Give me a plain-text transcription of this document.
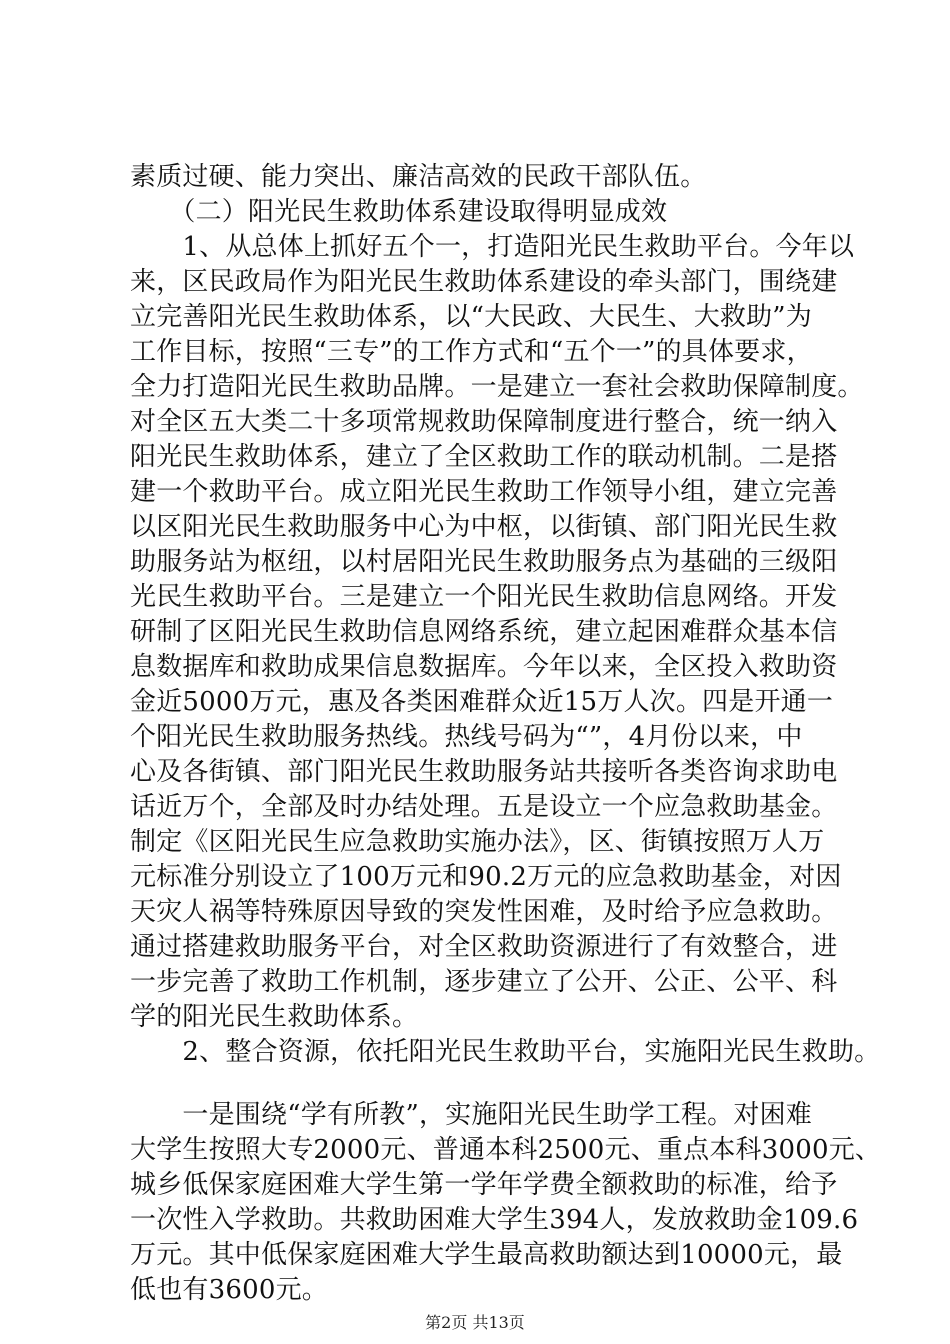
素质过硬、能力突出、廉洁高效的民政干部队伍。
　　（二）阳光民生救助体系建设取得明显成效
　　1、从总体上抓好五个一，打造阳光民生救助平台。今年以
来，区民政局作为阳光民生救助体系建设的牵头部门，围绕建
立完善阳光民生救助体系，以“大民政、大民生、大救助”为
工作目标，按照“三专”的工作方式和“五个一”的具体要求，
全力打造阳光民生救助品牌。一是建立一套社会救助保障制度。
对全区五大类二十多项常规救助保障制度进行整合，统一纳入
阳光民生救助体系，建立了全区救助工作的联动机制。二是搭
建一个救助平台。成立阳光民生救助工作领导小组，建立完善
以区阳光民生救助服务中心为中枢，以街镇、部门阳光民生救
助服务站为枢纽，以村居阳光民生救助服务点为基础的三级阳
光民生救助平台。三是建立一个阳光民生救助信息网络。开发
研制了区阳光民生救助信息网络系统，建立起困难群众基本信
息数据库和救助成果信息数据库。今年以来，全区投入救助资
金近5000万元，惠及各类困难群众近15万人次。四是开通一
个阳光民生救助服务热线。热线号码为“”，4月份以来，中
心及各街镇、部门阳光民生救助服务站共接听各类咨询求助电
话近万个，全部及时办结处理。五是设立一个应急救助基金。
制定《区阳光民生应急救助实施办法》，区、街镇按照万人万
元标准分别设立了100万元和90.2万元的应急救助基金，对因
天灾人祸等特殊原因导致的突发性困难，及时给予应急救助。
通过搭建救助服务平台，对全区救助资源进行了有效整合，进
一步完善了救助工作机制，逐步建立了公开、公正、公平、科
学的阳光民生救助体系。
　　2、整合资源，依托阳光民生救助平台，实施阳光民生救助。
　　一是围绕“学有所教”，实施阳光民生助学工程。对困难
大学生按照大专2000元、普通本科2500元、重点本科3000元、
城乡低保家庭困难大学生第一学年学费全额救助的标准，给予
一次性入学救助。共救助困难大学生394人，发放救助金109.6
万元。其中低保家庭困难大学生最高救助额达到10000元，最
低也有3600元。
第2页 共13页
